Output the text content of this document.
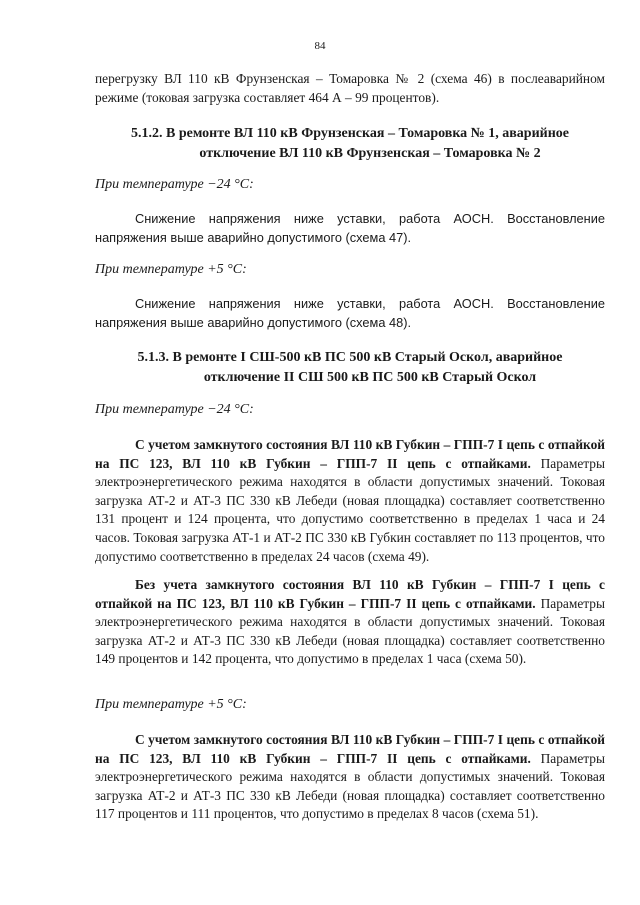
84
перегрузку ВЛ 110 кВ Фрунзенская – Томаровка № 2 (схема 46) в послеаварийном режиме (токовая загрузка составляет 464 А – 99 процентов).
5.1.2. В ремонте ВЛ 110 кВ Фрунзенская – Томаровка № 1, аварийное
отключение ВЛ 110 кВ Фрунзенская – Томаровка № 2
При температуре −24 °С:
Снижение напряжения ниже уставки, работа АОСН. Восстановление напряжения выше аварийно допустимого (схема 47).
При температуре +5 °С:
Снижение напряжения ниже уставки, работа АОСН. Восстановление напряжения выше аварийно допустимого (схема 48).
5.1.3. В ремонте I СШ-500 кВ ПС 500 кВ Старый Оскол, аварийное
отключение II СШ 500 кВ ПС 500 кВ Старый Оскол
При температуре −24 °С:
С учетом замкнутого состояния ВЛ 110 кВ Губкин – ГПП-7 I цепь с отпайкой на ПС 123, ВЛ 110 кВ Губкин – ГПП-7 II цепь с отпайками. Параметры электроэнергетического режима находятся в области допустимых значений. Токовая загрузка АТ-2 и АТ-3 ПС 330 кВ Лебеди (новая площадка) составляет соответственно 131 процент и 124 процента, что допустимо соответственно в пределах 1 часа и 24 часов. Токовая загрузка АТ-1 и АТ-2 ПС 330 кВ Губкин составляет по 113 процентов, что допустимо соответственно в пределах 24 часов (схема 49).
Без учета замкнутого состояния ВЛ 110 кВ Губкин – ГПП-7 I цепь с отпайкой на ПС 123, ВЛ 110 кВ Губкин – ГПП-7 II цепь с отпайками. Параметры электроэнергетического режима находятся в области допустимых значений. Токовая загрузка АТ-2 и АТ-3 ПС 330 кВ Лебеди (новая площадка) составляет соответственно 149 процентов и 142 процента, что допустимо в пределах 1 часа (схема 50).
При температуре +5 °С:
С учетом замкнутого состояния ВЛ 110 кВ Губкин – ГПП-7 I цепь с отпайкой на ПС 123, ВЛ 110 кВ Губкин – ГПП-7 II цепь с отпайками. Параметры электроэнергетического режима находятся в области допустимых значений. Токовая загрузка АТ-2 и АТ-3 ПС 330 кВ Лебеди (новая площадка) составляет соответственно 117 процентов и 111 процентов, что допустимо в пределах 8 часов (схема 51).
